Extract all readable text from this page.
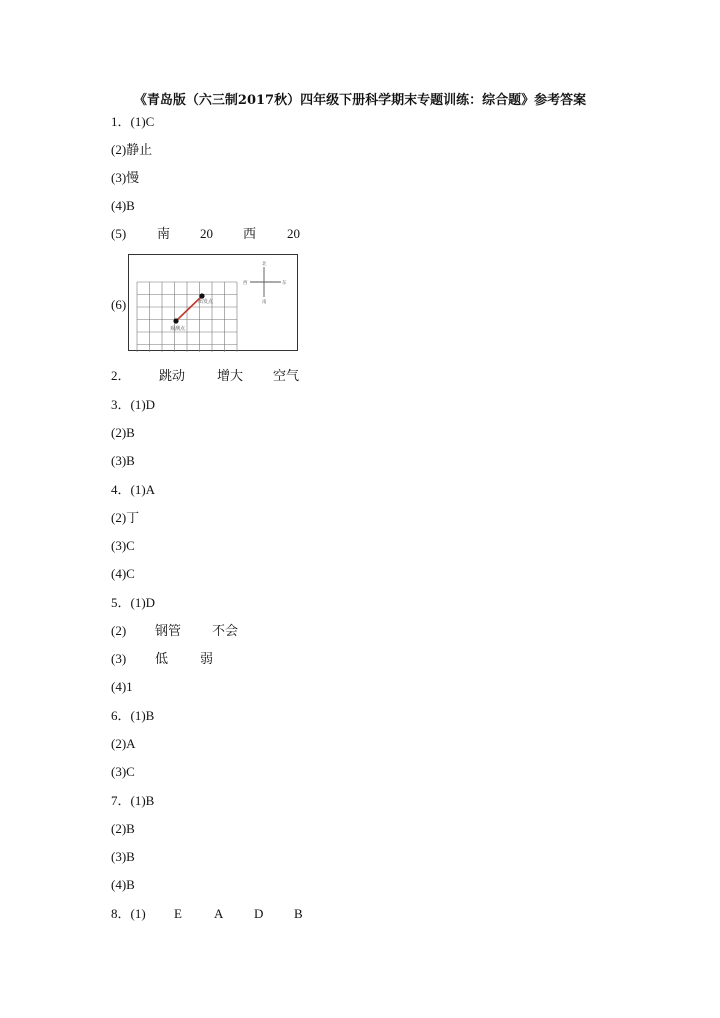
《青岛版（六三制2017秋）四年级下册科学期末专题训练：综合题》参考答案
1．(1)C
(2)静止
(3)慢
(4)B
(5) 南 20 西 20
(6)	出发点
观测点
北
南
东
西
2． 跳动 增大 空气
3．(1)D
(2)B
(3)B
4．(1)A
(2)丁
(3)C
(4)C
5．(1)D
(2) 钢管 不会
(3) 低 弱
(4)1
6．(1)B
(2)A
(3)C
7．(1)B
(2)B
(3)B
(4)B
8．(1) E A D B
